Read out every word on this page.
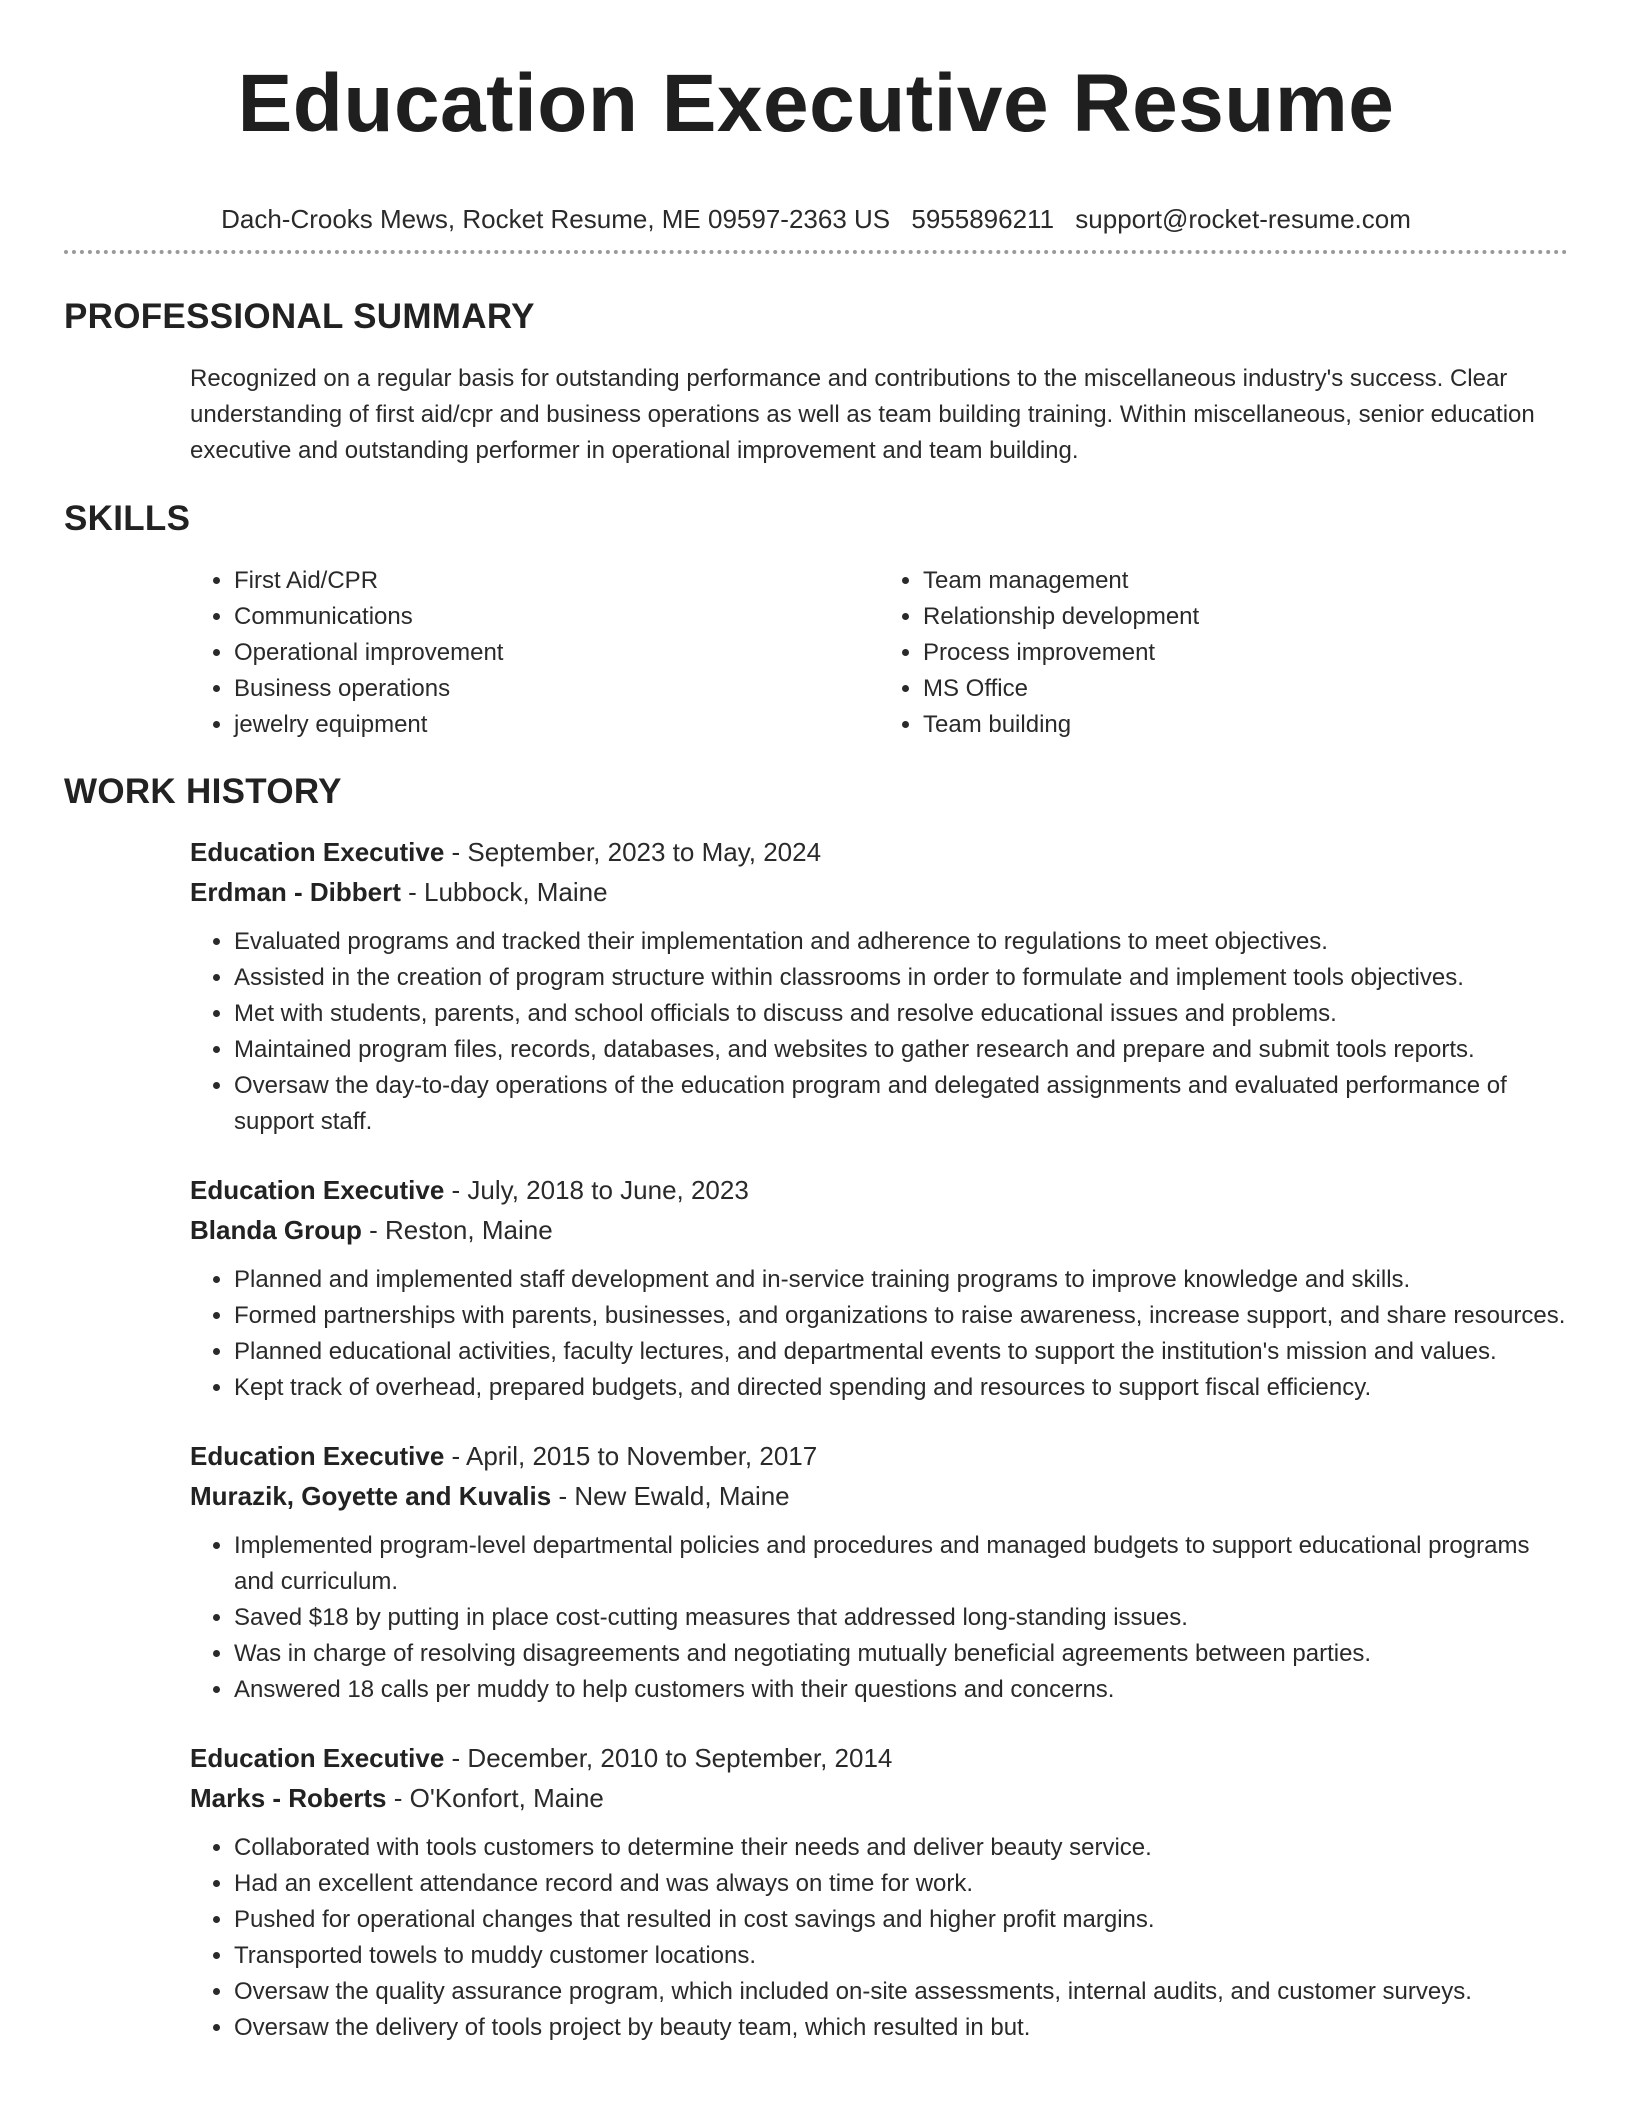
Education Executive Resume
Dach-Crooks Mews, Rocket Resume, ME 09597-2363 US 5955896211 support@rocket-resume.com
PROFESSIONAL SUMMARY
Recognized on a regular basis for outstanding performance and contributions to the miscellaneous industry's success. Clear understanding of first aid/cpr and business operations as well as team building training. Within miscellaneous, senior education executive and outstanding performer in operational improvement and team building.
SKILLS
• First Aid/CPR
• Communications
• Operational improvement
• Business operations
• jewelry equipment
• Team management
• Relationship development
• Process improvement
• MS Office
• Team building
WORK HISTORY
Education Executive - September, 2023 to May, 2024
Erdman - Dibbert - Lubbock, Maine
• Evaluated programs and tracked their implementation and adherence to regulations to meet objectives.
• Assisted in the creation of program structure within classrooms in order to formulate and implement tools objectives.
• Met with students, parents, and school officials to discuss and resolve educational issues and problems.
• Maintained program files, records, databases, and websites to gather research and prepare and submit tools reports.
• Oversaw the day-to-day operations of the education program and delegated assignments and evaluated performance of support staff.
Education Executive - July, 2018 to June, 2023
Blanda Group - Reston, Maine
• Planned and implemented staff development and in-service training programs to improve knowledge and skills.
• Formed partnerships with parents, businesses, and organizations to raise awareness, increase support, and share resources.
• Planned educational activities, faculty lectures, and departmental events to support the institution's mission and values.
• Kept track of overhead, prepared budgets, and directed spending and resources to support fiscal efficiency.
Education Executive - April, 2015 to November, 2017
Murazik, Goyette and Kuvalis - New Ewald, Maine
• Implemented program-level departmental policies and procedures and managed budgets to support educational programs and curriculum.
• Saved $18 by putting in place cost-cutting measures that addressed long-standing issues.
• Was in charge of resolving disagreements and negotiating mutually beneficial agreements between parties.
• Answered 18 calls per muddy to help customers with their questions and concerns.
Education Executive - December, 2010 to September, 2014
Marks - Roberts - O'Konfort, Maine
• Collaborated with tools customers to determine their needs and deliver beauty service.
• Had an excellent attendance record and was always on time for work.
• Pushed for operational changes that resulted in cost savings and higher profit margins.
• Transported towels to muddy customer locations.
• Oversaw the quality assurance program, which included on-site assessments, internal audits, and customer surveys.
• Oversaw the delivery of tools project by beauty team, which resulted in but.
